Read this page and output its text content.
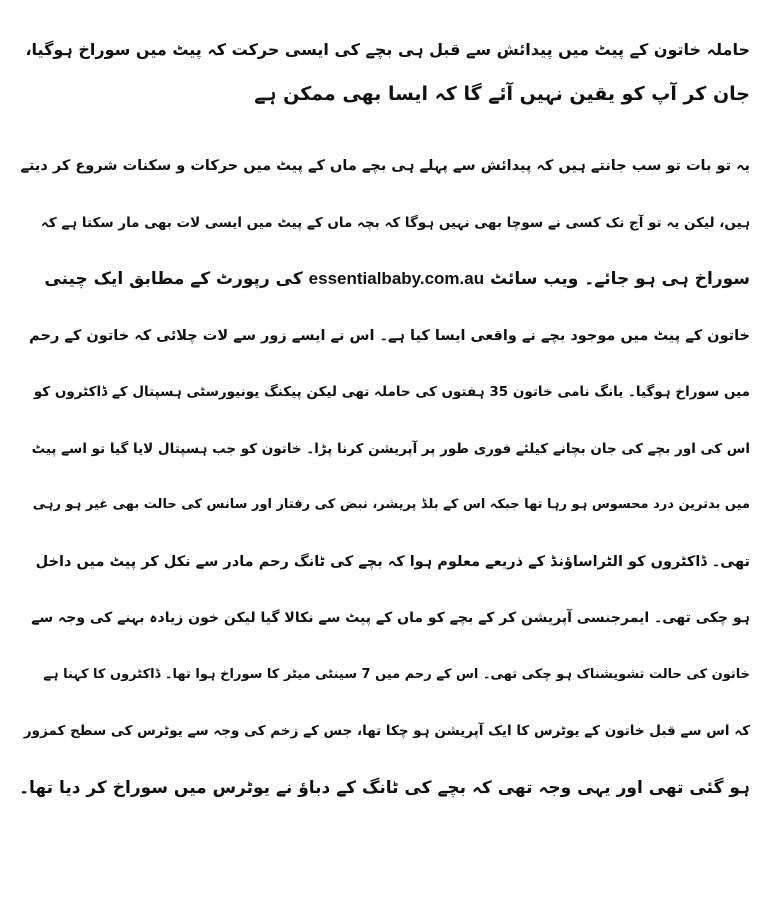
حاملہ خاتون کے پیٹ میں پیدائش سے قبل ہی بچے کی ایسی حرکت کہ پیٹ میں سوراخ ہوگیا،
جان کر آپ کو یقین نہیں آئے گا کہ ایسا بھی ممکن ہے
یہ تو بات تو سب جانتے ہیں کہ پیدائش سے پہلے ہی بچے ماں کے پیٹ میں حرکات و سکنات شروع کر دیتے
ہیں، لیکن یہ تو آج تک کسی نے سوچا بھی نہیں ہوگا کہ بچہ ماں کے پیٹ میں ایسی لات بھی مار سکتا ہے کہ
سوراخ ہی ہو جائے۔ ویب سائٹ essentialbaby.com.au کی رپورٹ کے مطابق ایک چینی
خاتون کے پیٹ میں موجود بچے نے واقعی ایسا کیا ہے۔ اس نے ایسے زور سے لات چلائی کہ خاتون کے رحم
میں سوراخ ہوگیا۔ یانگ نامی خاتون 35 ہفتوں کی حاملہ تھی لیکن پیکنگ یونیورسٹی ہسپتال کے ڈاکٹروں کو
اس کی اور بچے کی جان بچانے کیلئے فوری طور پر آپریشن کرنا پڑا۔ خاتون کو جب ہسپتال لایا گیا تو اسے پیٹ
میں بدترین درد محسوس ہو رہا تھا جبکہ اس کے بلڈ پریشر، نبض کی رفتار اور سانس کی حالت بھی غیر ہو رہی
تھی۔ ڈاکٹروں کو الٹراساؤنڈ کے ذریعے معلوم ہوا کہ بچے کی ٹانگ رحم مادر سے نکل کر پیٹ میں داخل
ہو چکی تھی۔ ایمرجنسی آپریشن کر کے بچے کو ماں کے پیٹ سے نکالا گیا لیکن خون زیادہ بہنے کی وجہ سے
خاتون کی حالت تشویشناک ہو چکی تھی۔ اس کے رحم میں 7 سینٹی میٹر کا سوراخ ہوا تھا۔ ڈاکٹروں کا کہنا ہے
کہ اس سے قبل خاتون کے یوٹرس کا ایک آپریشن ہو چکا تھا، جس کے زخم کی وجہ سے یوٹرس کی سطح کمزور
ہو گئی تھی اور یہی وجہ تھی کہ بچے کی ٹانگ کے دباؤ نے یوٹرس میں سوراخ کر دیا تھا۔
